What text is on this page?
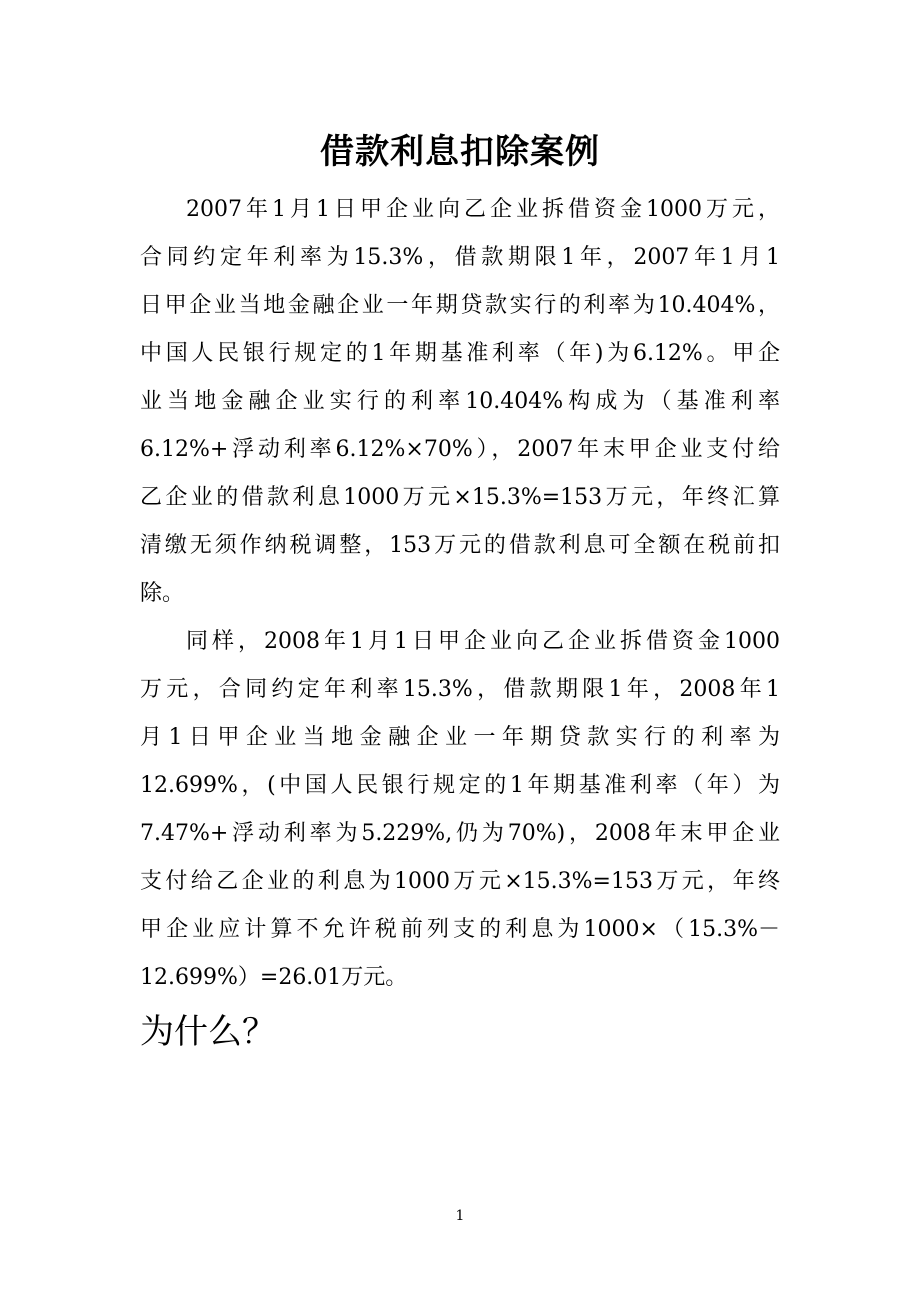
借款利息扣除案例
2007年1月1日甲企业向乙企业拆借资金1000万元，
合同约定年利率为15.3%，借款期限1年，2007年1月1
日甲企业当地金融企业一年期贷款实行的利率为10.404%，
中国人民银行规定的1年期基准利率（年)为6.12%。甲企
业当地金融企业实行的利率10.404%构成为（基准利率
6.12%+浮动利率6.12%×70%），2007年末甲企业支付给
乙企业的借款利息1000万元×15.3%=153万元，年终汇算
清缴无须作纳税调整，153万元的借款利息可全额在税前扣
除。
同样，2008年1月1日甲企业向乙企业拆借资金1000
万元，合同约定年利率15.3%，借款期限1年，2008年1
月1日甲企业当地金融企业一年期贷款实行的利率为
12.699%，(中国人民银行规定的1年期基准利率（年）为
7.47%+浮动利率为5.229%,仍为70%)，2008年末甲企业
支付给乙企业的利息为1000万元×15.3%=153万元，年终
甲企业应计算不允许税前列支的利息为1000×（15.3%－
12.699%）=26.01万元。
为什么？
1
